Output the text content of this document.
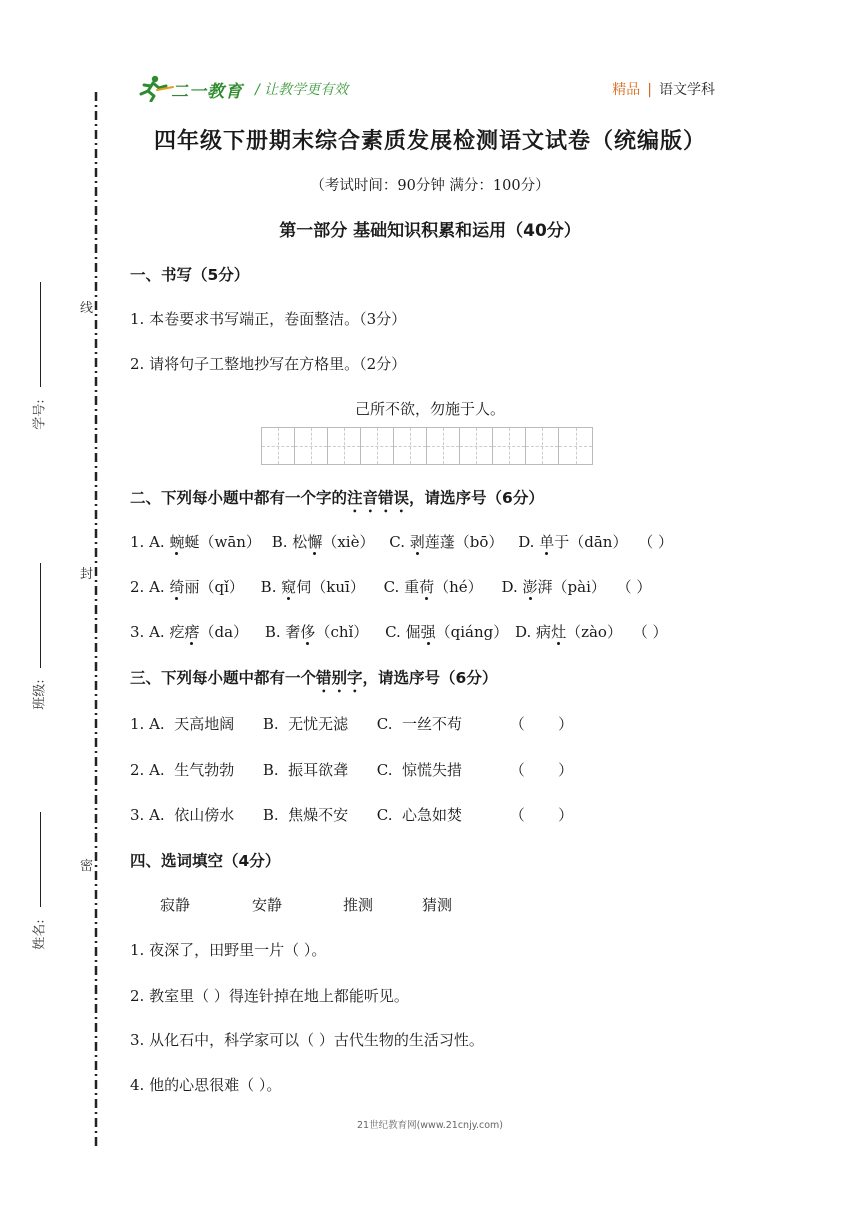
二一教育 / 让教学更有效	精品 | 语文学科
线
封
密
学号:
班级:
姓名:
四年级下册期末综合素质发展检测语文试卷（统编版）
（考试时间：90分钟 满分：100分）
第一部分 基础知识积累和运用（40分）
一、书写（5分）
1. 本卷要求书写端正，卷面整洁。（3分）
2. 请将句子工整地抄写在方格里。（2分）
己所不欲，勿施于人。
二、下列每小题中都有一个字的注音错误，请选序号（6分）
1. A. 蜿蜒（wān） B. 松懈（xiè） C. 剥莲蓬（bō） D. 单于（dān） （ ）
2. A. 绮丽（qǐ） B. 窥伺（kuī） C. 重荷（hé） D. 澎湃（pài） （ ）
3. A. 疙瘩（da） B. 奢侈（chǐ） C. 倔强（qiáng） D. 病灶（zào） （ ）
三、下列每小题中都有一个错别字，请选序号（6分）
1. A.  天高地阔      B.  无忧无滤      C.  一丝不苟          （       ）
2. A.  生气勃勃      B.  振耳欲聋      C.  惊慌失措          （       ）
3. A.  依山傍水      B.  焦燥不安      C.  心急如焚          （       ）
四、选词填空（4分）
寂静	安静	推测	猜测
1. 夜深了，田野里一片（ ）。
2. 教室里（ ）得连针掉在地上都能听见。
3. 从化石中，科学家可以（ ）古代生物的生活习性。
4. 他的心思很难（ ）。
21世纪教育网(www.21cnjy.com)
